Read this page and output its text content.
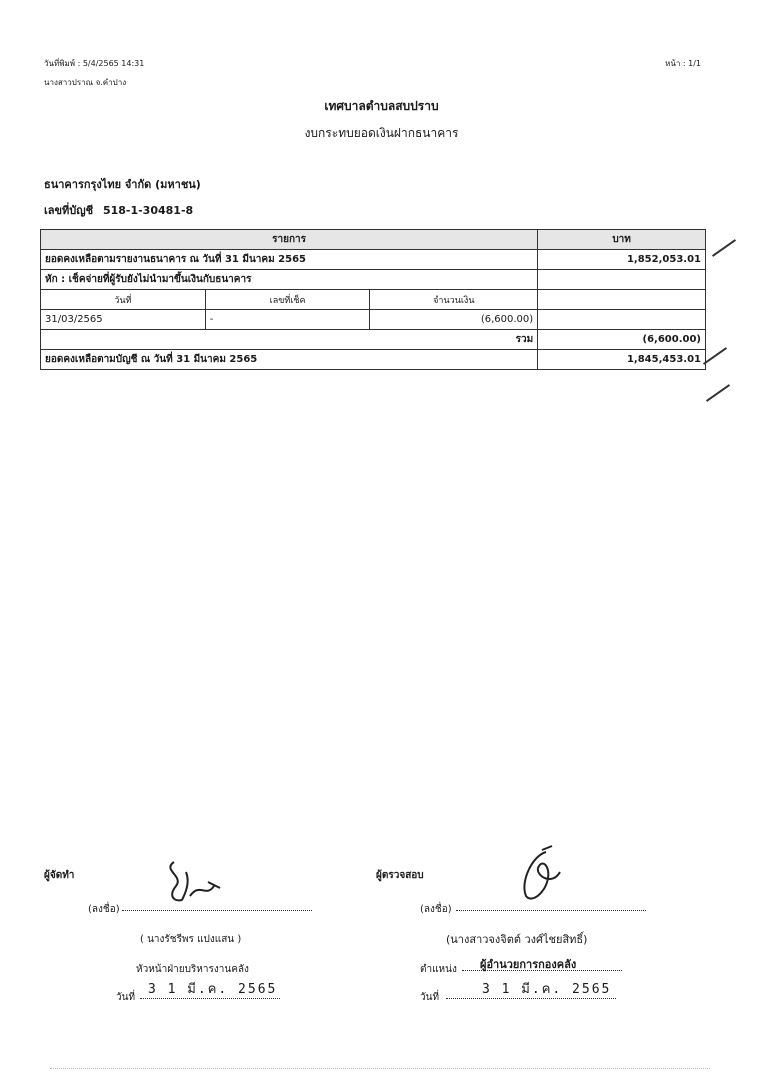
วันที่พิมพ์ : 5/4/2565 14:31
นางสาวปราณ จ.คำปาง
หน้า : 1/1
เทศบาลตำบลสบปราบ
งบกระทบยอดเงินฝากธนาคาร
ธนาคารกรุงไทย จำกัด (มหาชน)
เลขที่บัญชี 518-1-30481-8
รายการ			บาท
ยอดคงเหลือตามรายงานธนาคาร ณ วันที่ 31 มีนาคม 2565			1,852,053.01
หัก : เช็คจ่ายที่ผู้รับยังไม่นำมาขึ้นเงินกับธนาคาร			
วันที่	เลขที่เช็ค	จำนวนเงิน	
31/03/2565	-	(6,600.00)	
รวม			(6,600.00)
ยอดคงเหลือตามบัญชี ณ วันที่ 31 มีนาคม 2565			1,845,453.01
ผู้จัดทำ
(ลงชื่อ)
( นางรัชรีพร แปงแสน )
หัวหน้าฝ่ายบริหารงานคลัง
วันที่
3 1 มี.ค. 2565
ผู้ตรวจสอบ
(ลงชื่อ)
(นางสาวจงจิตต์ วงศ์ไชยสิทธิ์)
ตำแหน่ง ผู้อำนวยการกองคลัง
วันที่
3 1 มี.ค. 2565
